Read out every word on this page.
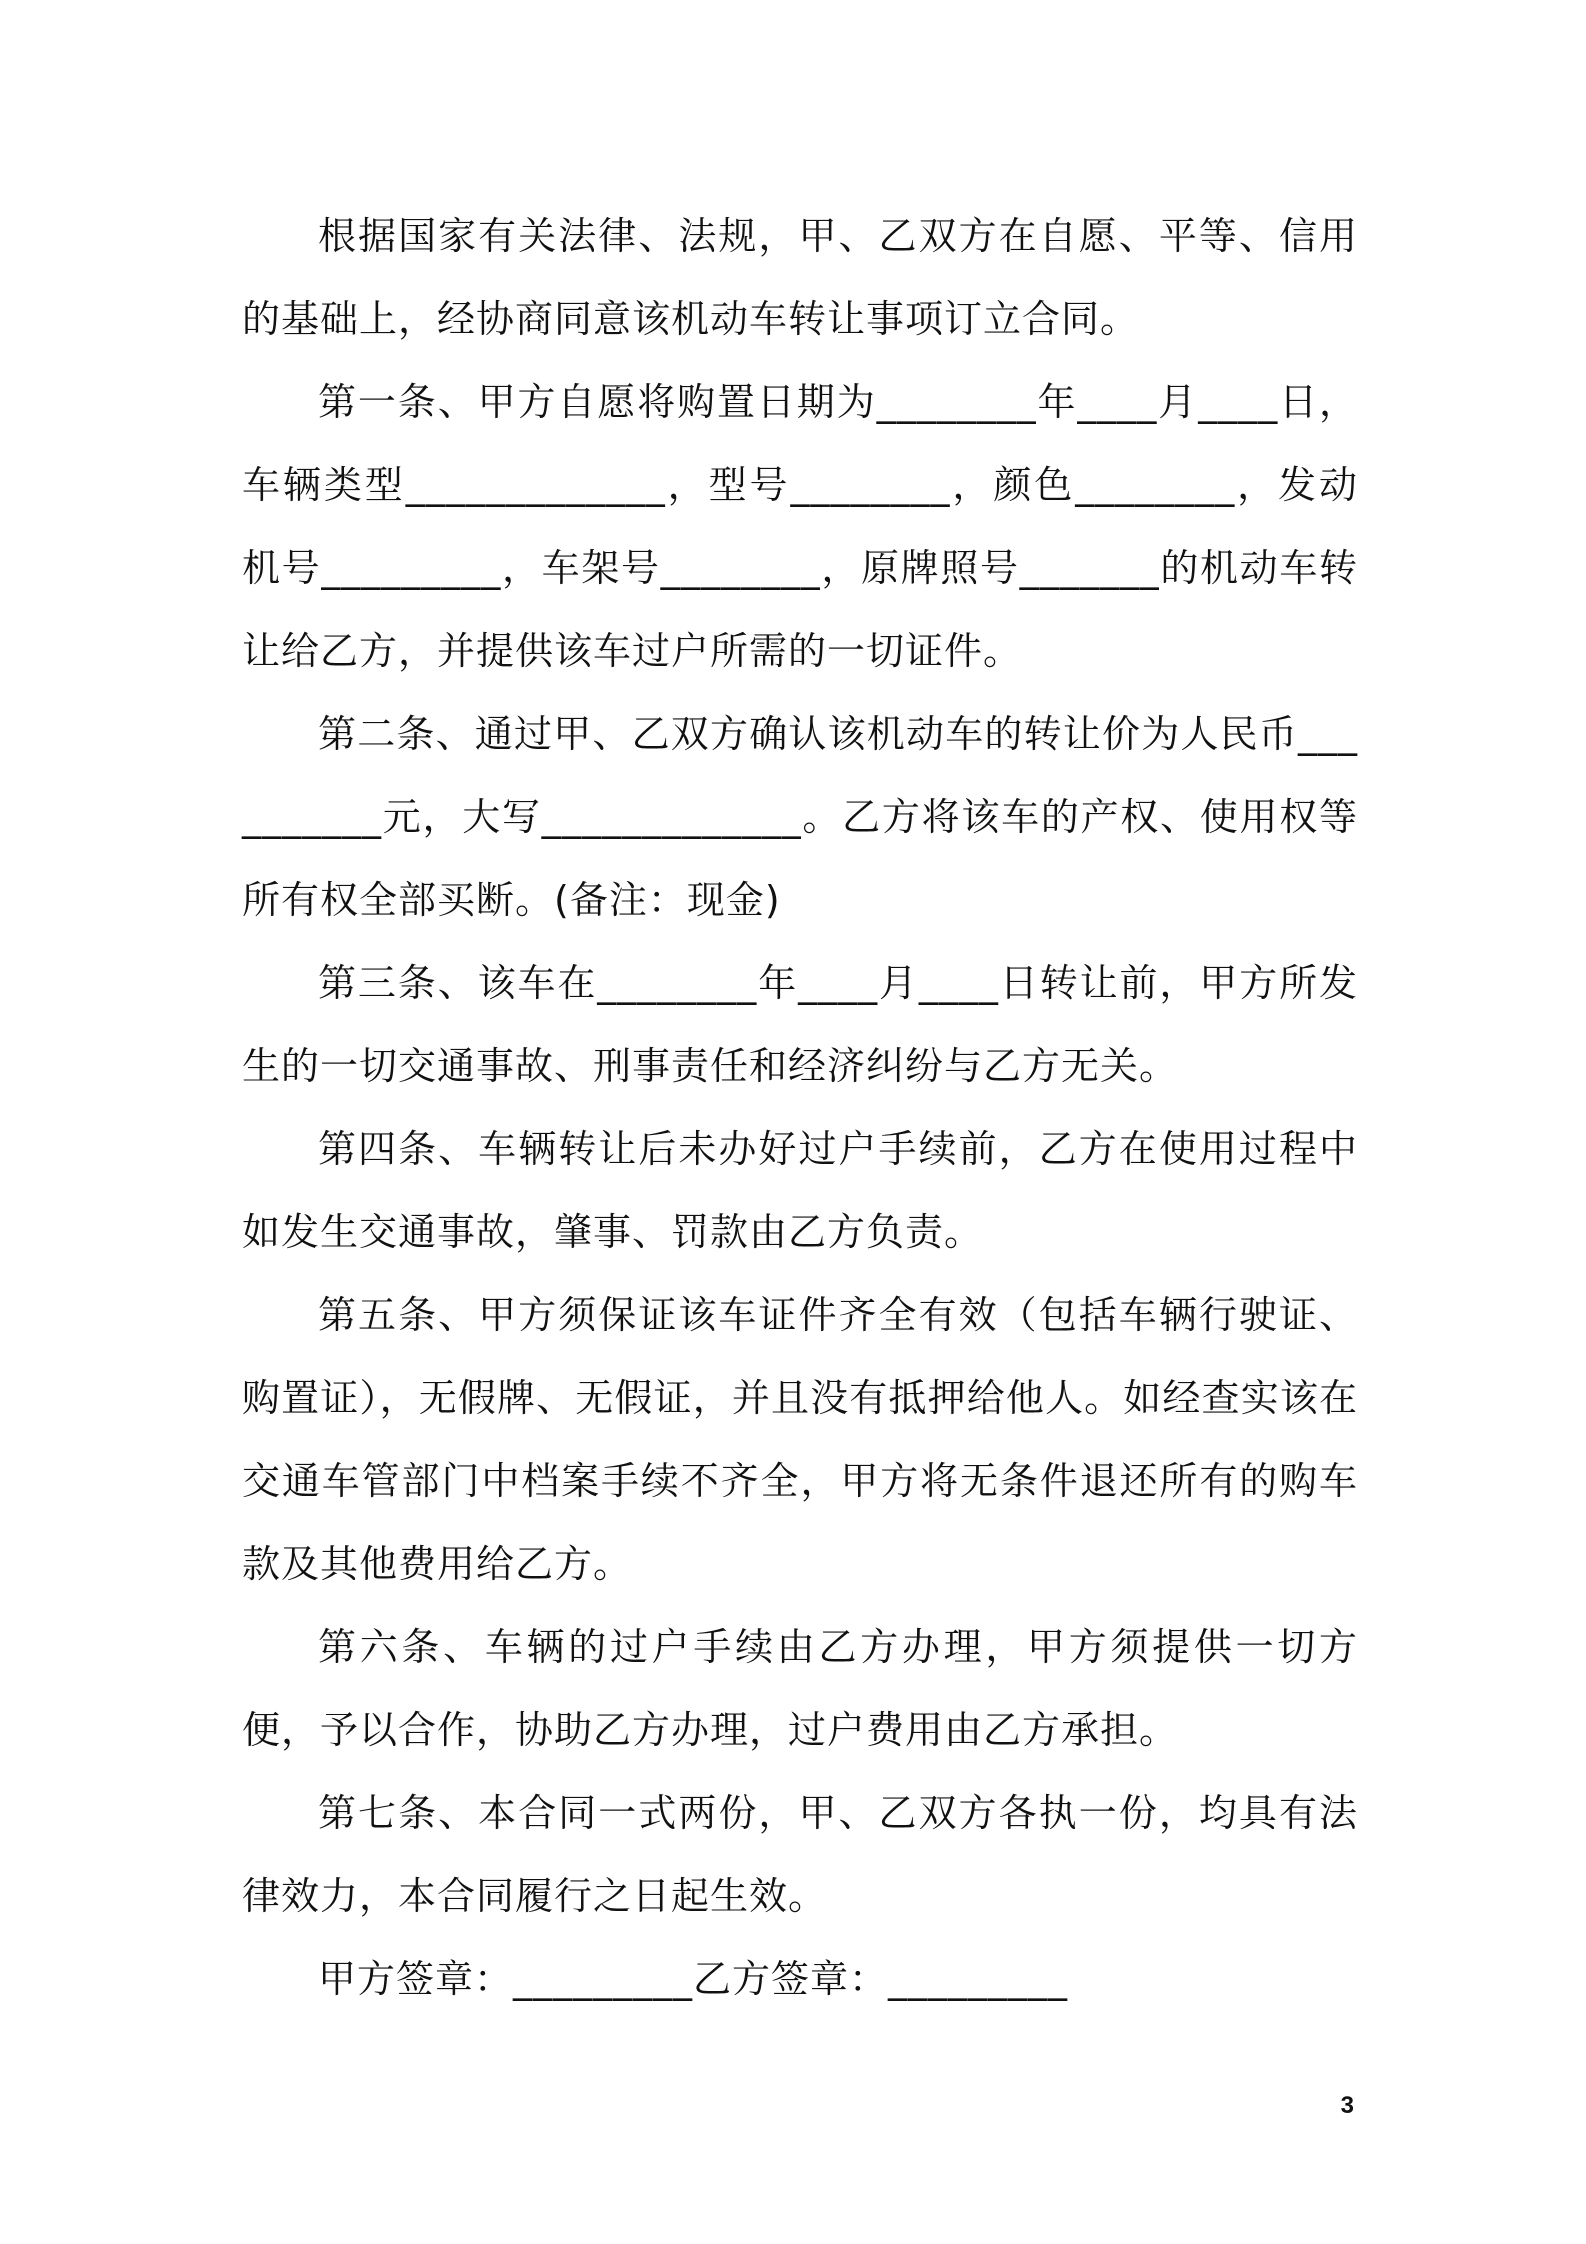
根据国家有关法律、法规，甲、乙双方在自愿、平等、信用的基础上，经协商同意该机动车转让事项订立合同。

第一条、甲方自愿将购置日期为________年____月____日，车辆类型_____________，型号________，颜色________，发动机号_________，车架号________，原牌照号_______的机动车转让给乙方，并提供该车过户所需的一切证件。

第二条、通过甲、乙双方确认该机动车的转让价为人民币__________元，大写_____________。乙方将该车的产权、使用权等所有权全部买断。(备注：现金)

第三条、该车在________年____月____日转让前，甲方所发生的一切交通事故、刑事责任和经济纠纷与乙方无关。

第四条、车辆转让后未办好过户手续前，乙方在使用过程中如发生交通事故，肇事、罚款由乙方负责。

第五条、甲方须保证该车证件齐全有效（包括车辆行驶证、购置证），无假牌、无假证，并且没有抵押给他人。如经查实该在交通车管部门中档案手续不齐全，甲方将无条件退还所有的购车款及其他费用给乙方。

第六条、车辆的过户手续由乙方办理，甲方须提供一切方便，予以合作，协助乙方办理，过户费用由乙方承担。

第七条、本合同一式两份，甲、乙双方各执一份，均具有法律效力，本合同履行之日起生效。

甲方签章：_________乙方签章：_________

3
